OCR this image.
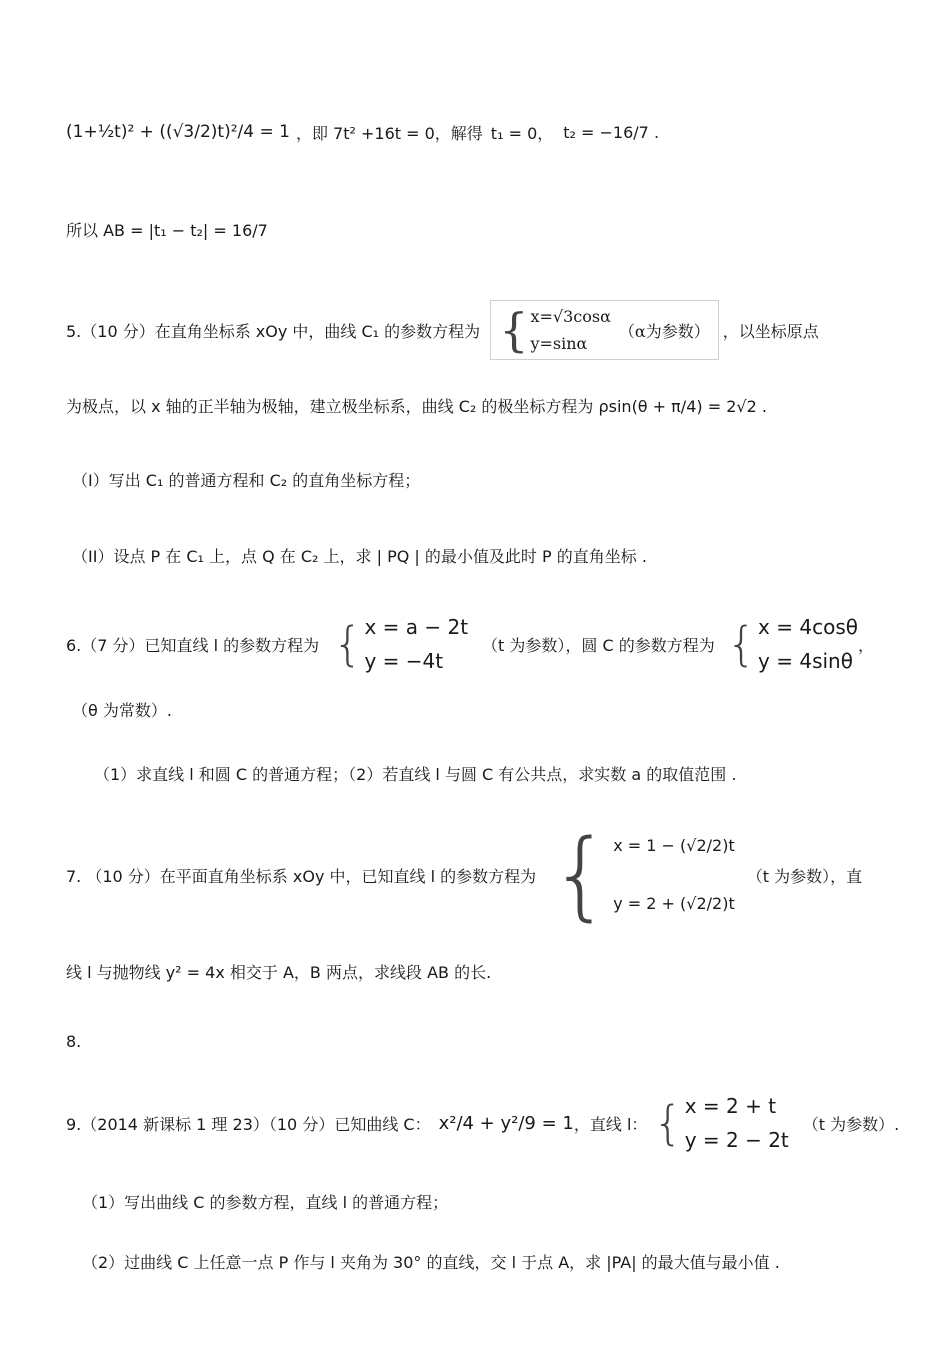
(1+½t)² + ((√3/2)t)²/4 = 1 ，即 7t² +16t = 0，解得 t₁ = 0， t₂ = −16/7 .
所以 AB = |t₁ − t₂| = 16/7
5.（10 分）在直角坐标系 xOy 中，曲线 C₁ 的参数方程为 { x=√3cosα
y=sinα
（α为参数） ，以坐标原点
为极点，以 x 轴的正半轴为极轴，建立极坐标系，曲线 C₂ 的极坐标方程为 ρsin(θ + π/4) = 2√2 .
（I）写出 C₁ 的普通方程和 C₂ 的直角坐标方程；
（II）设点 P 在 C₁ 上，点 Q 在 C₂ 上，求 | PQ | 的最小值及此时 P 的直角坐标 .
6.（7 分）已知直线 l 的参数方程为 { x = a − 2t
y = −4t
（t 为参数），圆 C 的参数方程为 { x = 4cosθ
y = 4sinθ
，
（θ 为常数）.
（1）求直线 l 和圆 C 的普通方程；（2）若直线 l 与圆 C 有公共点，求实数 a 的取值范围 .
7. （10 分）在平面直角坐标系 xOy 中，已知直线 l 的参数方程为 { x = 1 − (√2/2)t
y = 2 + (√2/2)t
（t 为参数），直
线 l 与抛物线 y² = 4x 相交于 A，B 两点，求线段 AB 的长.
8.
9.（2014 新课标 1 理 23）（10 分）已知曲线 C： x²/4 + y²/9 = 1 ，直线 l： { x = 2 + t
y = 2 − 2t
（t 为参数）.
（1）写出曲线 C 的参数方程，直线 l 的普通方程；
（2）过曲线 C 上任意一点 P 作与 l 夹角为 30° 的直线，交 l 于点 A，求 |PA| 的最大值与最小值 .
